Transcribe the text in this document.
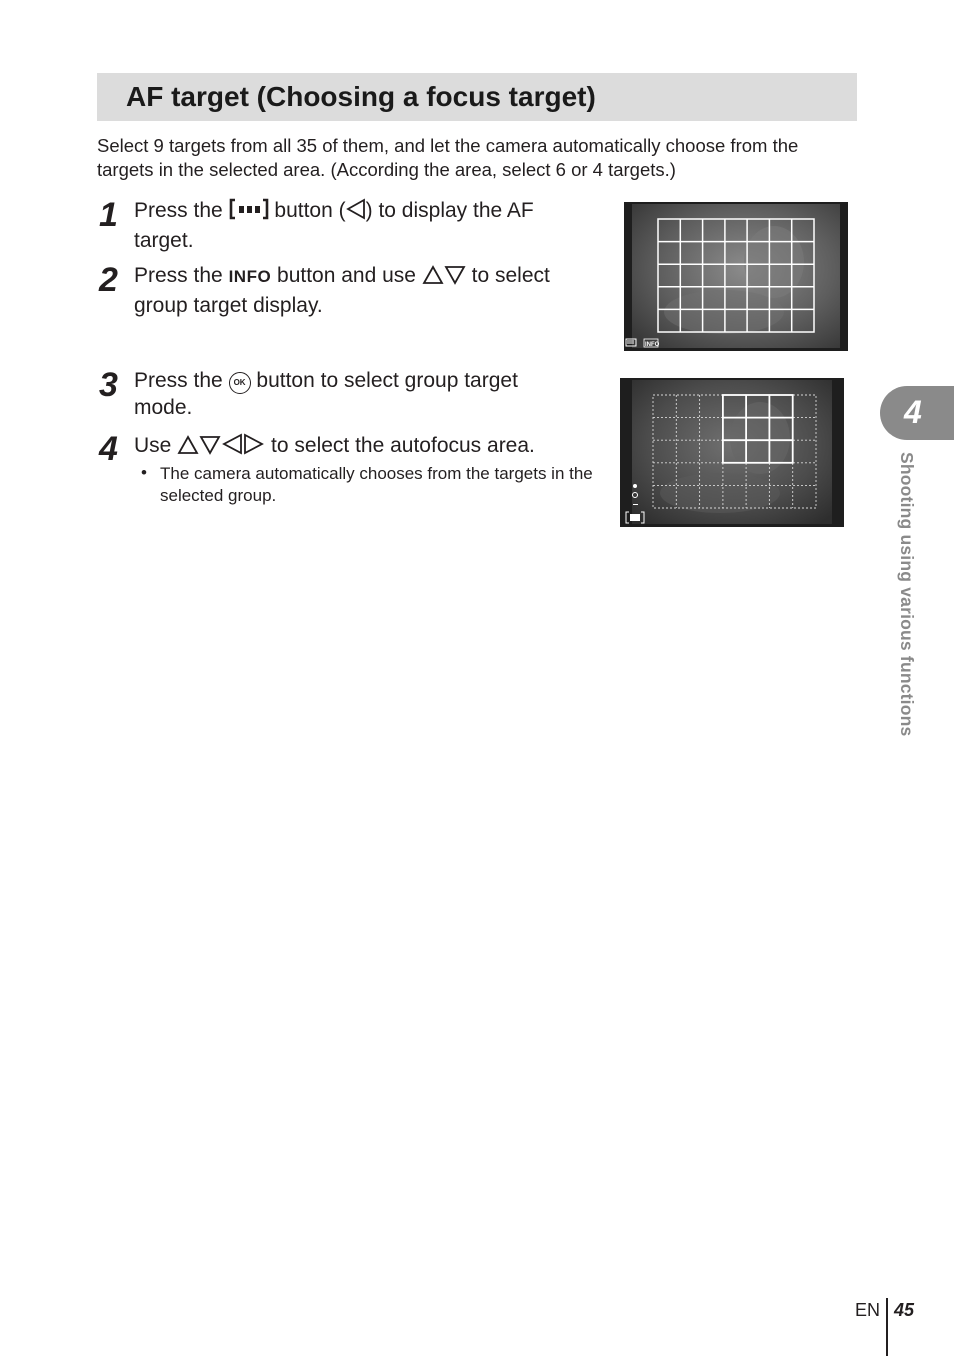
AF target (Choosing a focus target)
Select 9 targets from all 35 of them, and let the camera automatically choose from the targets in the selected area. (According the area, select 6 or 4 targets.)
1 Press the button ( ) to display the AF
target.
2 Press the INFO button and use	to select
group target display.
3 Press the OK button to select group target
mode.
4 Use	to select the autofocus area.
• The camera automatically chooses from the targets in the selected group.
INFO
4
Shooting using various functions
EN 45
